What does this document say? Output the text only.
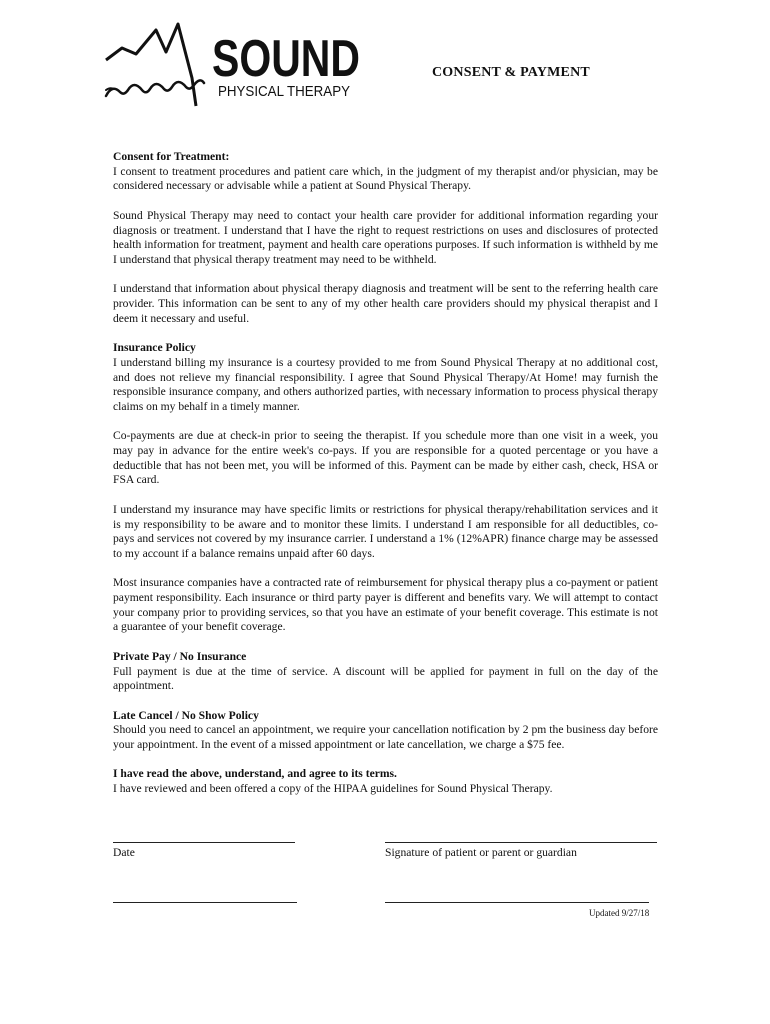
SOUND
PHYSICAL THERAPY
CONSENT & PAYMENT

Consent for Treatment:
I consent to treatment procedures and patient care which, in the judgment of my therapist and/or physician, may be considered necessary or advisable while a patient at Sound Physical Therapy.

Sound Physical Therapy may need to contact your health care provider for additional information regarding your diagnosis or treatment. I understand that I have the right to request restrictions on uses and disclosures of protected health information for treatment, payment and health care operations purposes. If such information is withheld by me I understand that physical therapy treatment may need to be withheld.

I understand that information about physical therapy diagnosis and treatment will be sent to the referring health care provider. This information can be sent to any of my other health care providers should my physical therapist and I deem it necessary and useful.

Insurance Policy
I understand billing my insurance is a courtesy provided to me from Sound Physical Therapy at no additional cost, and does not relieve my financial responsibility. I agree that Sound Physical Therapy/At Home! may furnish the responsible insurance company, and others authorized parties, with necessary information to process physical therapy claims on my behalf in a timely manner.

Co-payments are due at check-in prior to seeing the therapist. If you schedule more than one visit in a week, you may pay in advance for the entire week's co-pays. If you are responsible for a quoted percentage or you have a deductible that has not been met, you will be informed of this. Payment can be made by either cash, check, HSA or FSA card.

I understand my insurance may have specific limits or restrictions for physical therapy/rehabilitation services and it is my responsibility to be aware and to monitor these limits. I understand I am responsible for all deductibles, co-pays and services not covered by my insurance carrier. I understand a 1% (12%APR) finance charge may be assessed to my account if a balance remains unpaid after 60 days.

Most insurance companies have a contracted rate of reimbursement for physical therapy plus a co-payment or patient payment responsibility. Each insurance or third party payer is different and benefits vary. We will attempt to contact your company prior to providing services, so that you have an estimate of your benefit coverage. This estimate is not a guarantee of your benefit coverage.

Private Pay / No Insurance
Full payment is due at the time of service. A discount will be applied for payment in full on the day of the appointment.

Late Cancel / No Show Policy
Should you need to cancel an appointment, we require your cancellation notification by 2 pm the business day before your appointment. In the event of a missed appointment or late cancellation, we charge a $75 fee.

I have read the above, understand, and agree to its terms.
I have reviewed and been offered a copy of the HIPAA guidelines for Sound Physical Therapy.

Date	Signature of patient or parent or guardian
Updated 9/27/18
